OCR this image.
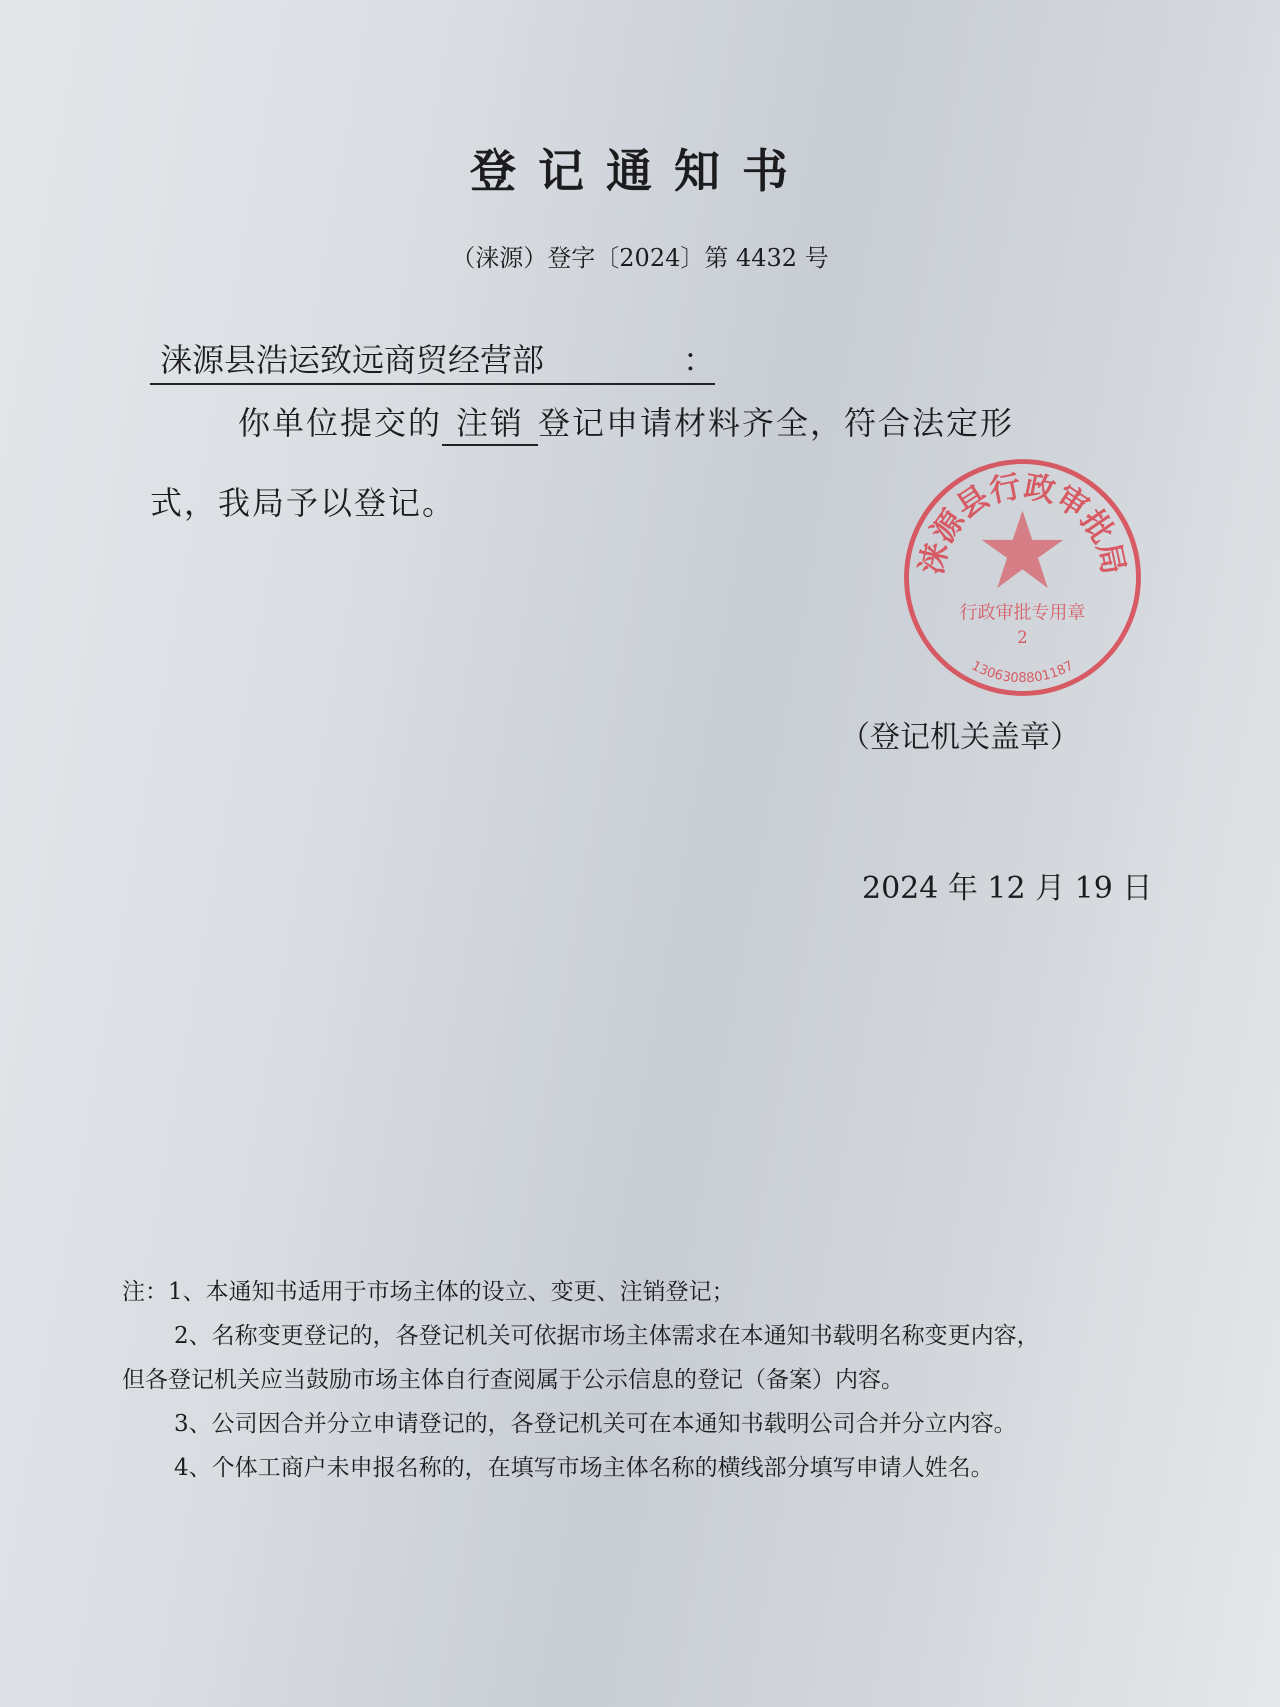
登记通知书
（涞源）登字〔2024〕第 4432 号
涞源县浩运致远商贸经营部	：
你单位提交的 注销 登记申请材料齐全，符合法定形
式，我局予以登记。
涞源县行政审批局
行政审批专用章
2
1306308801187
（登记机关盖章）
2024 年 12 月 19 日
注：1、本通知书适用于市场主体的设立、变更、注销登记；
2、名称变更登记的，各登记机关可依据市场主体需求在本通知书载明名称变更内容，
但各登记机关应当鼓励市场主体自行查阅属于公示信息的登记（备案）内容。
3、公司因合并分立申请登记的，各登记机关可在本通知书载明公司合并分立内容。
4、个体工商户未申报名称的，在填写市场主体名称的横线部分填写申请人姓名。
